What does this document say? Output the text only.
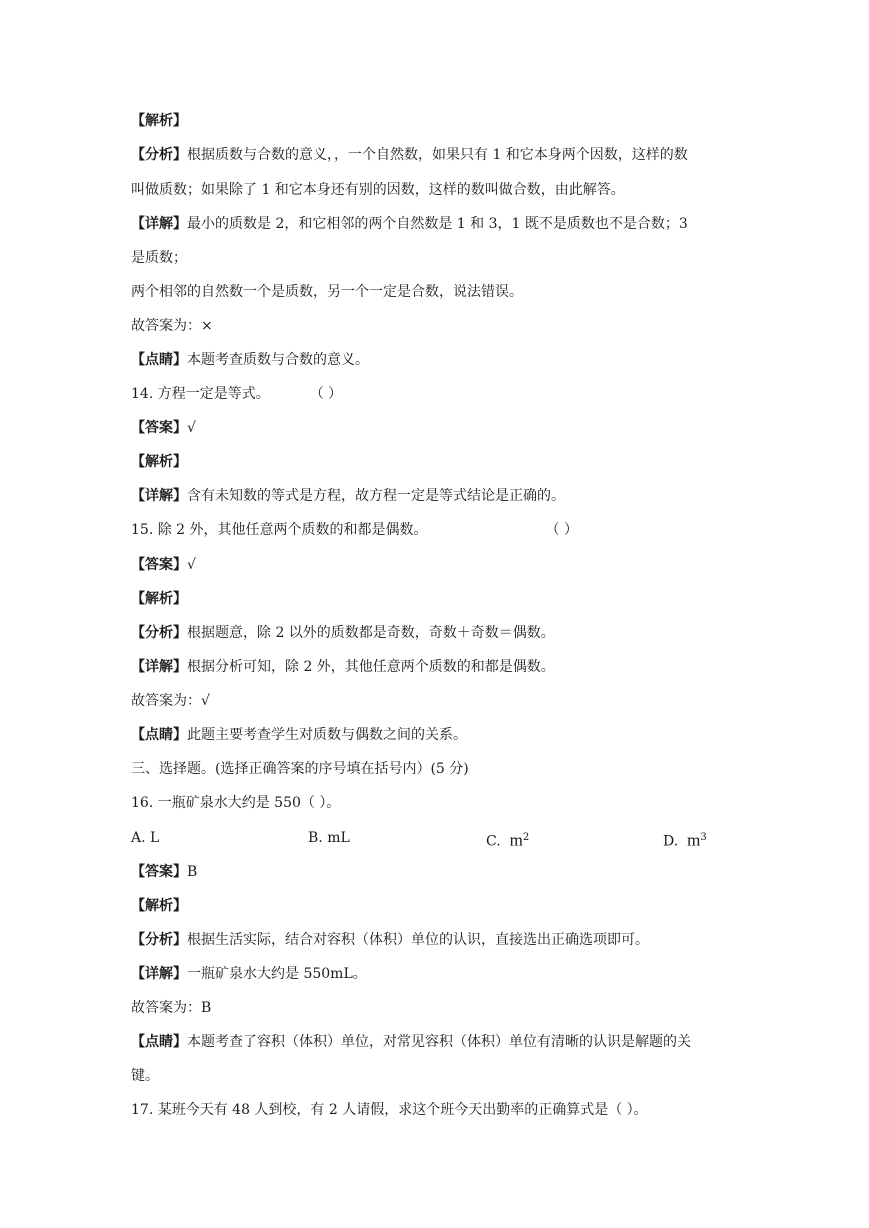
【解析】
【分析】根据质数与合数的意义，，一个自然数，如果只有 1 和它本身两个因数，这样的数
叫做质数；如果除了 1 和它本身还有别的因数，这样的数叫做合数，由此解答。
【详解】最小的质数是 2，和它相邻的两个自然数是 1 和 3，1 既不是质数也不是合数；3
是质数；
两个相邻的自然数一个是质数，另一个一定是合数，说法错误。
故答案为：×
【点睛】本题考查质数与合数的意义。
14. 方程一定是等式。	（ ）
【答案】√
【解析】
【详解】含有未知数的等式是方程，故方程一定是等式结论是正确的。
15. 除 2 外，其他任意两个质数的和都是偶数。	（ ）
【答案】√
【解析】
【分析】根据题意，除 2 以外的质数都是奇数，奇数＋奇数＝偶数。
【详解】根据分析可知，除 2 外，其他任意两个质数的和都是偶数。
故答案为：√
【点睛】此题主要考查学生对质数与偶数之间的关系。
三、选择题。(选择正确答案的序号填在括号内）(5 分)
16. 一瓶矿泉水大约是 550（ ）。
A. L	B. mL	C. $m^2$	D. $m^3$
【答案】B
【解析】
【分析】根据生活实际，结合对容积（体积）单位的认识，直接选出正确选项即可。
【详解】一瓶矿泉水大约是 550mL。
故答案为：B
【点睛】本题考查了容积（体积）单位，对常见容积（体积）单位有清晰的认识是解题的关
键。
17. 某班今天有 48 人到校，有 2 人请假，求这个班今天出勤率的正确算式是（ ）。
